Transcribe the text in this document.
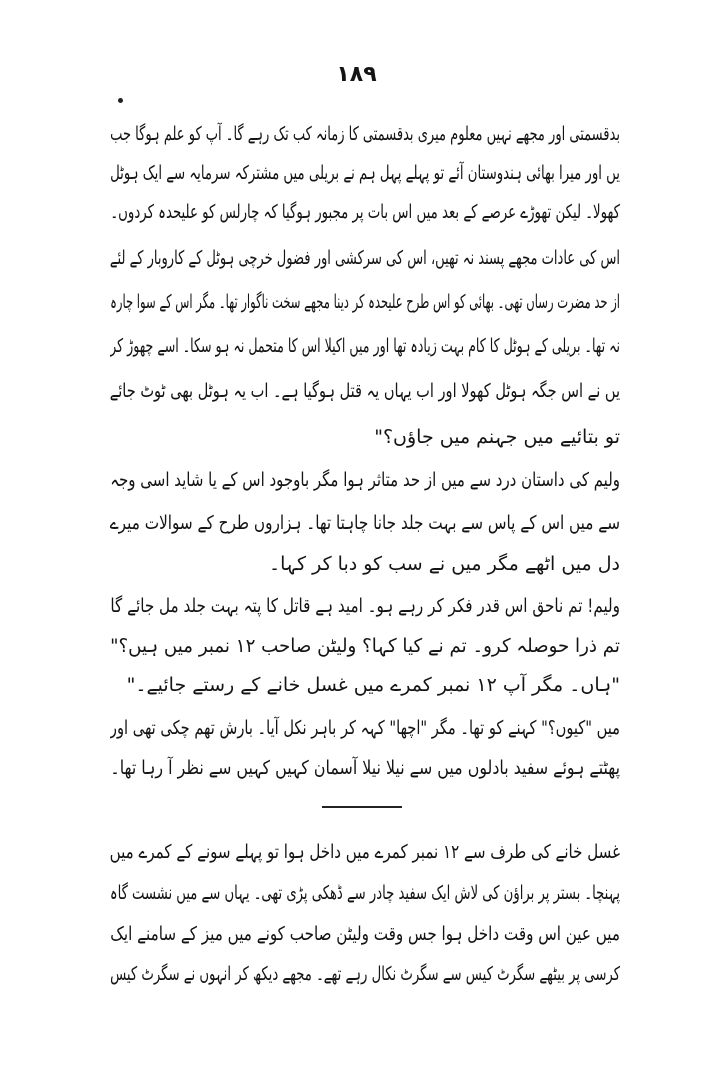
١٨٩
بدقسمتی اور مجھے نہیں معلوم میری بدقسمتی کا زمانہ کب تک رہے گا۔ آپ کو علم ہوگا جب
یں اور میرا بھائی ہندوستان آئے تو پہلے پہل ہم نے بریلی میں مشترکہ سرمایہ سے ایک ہوٹل
کھولا۔ لیکن تھوڑے عرصے کے بعد میں اس بات پر مجبور ہوگیا کہ چارلس کو علیحدہ کردوں۔
اس کی عادات مجھے پسند نہ تھیں، اس کی سرکشی اور فضول خرچی ہوٹل کے کاروبار کے لئے
از حد مضرت رساں تھی۔ بھائی کو اس طرح علیحدہ کر دینا مجھے سخت ناگوار تھا۔ مگر اس کے سوا چارہ
نہ تھا۔ بریلی کے ہوٹل کا کام بہت زیادہ تھا اور میں اکیلا اس کا متحمل نہ ہو سکا۔ اسے چھوڑ کر
یں نے اس جگہ ہوٹل کھولا اور اب یہاں یہ قتل ہوگیا ہے۔ اب یہ ہوٹل بھی ٹوٹ جائے
تو بتائیے میں جہنم میں جاؤں؟"
ولیم کی داستان درد سے میں از حد متاثر ہوا مگر باوجود اس کے یا شاید اسی وجہ
سے میں اس کے پاس سے بہت جلد جانا چاہتا تھا۔ ہزاروں طرح کے سوالات میرے
دل میں اٹھے مگر میں نے سب کو دبا کر کہا۔
ولیم! تم ناحق اس قدر فکر کر رہے ہو۔ امید ہے قاتل کا پتہ بہت جلد مل جائے گا
تم ذرا حوصلہ کرو۔ تم نے کیا کہا؟ ولیٹن صاحب ۱۲ نمبر میں ہیں؟"
"ہاں۔ مگر آپ ۱۲ نمبر کمرے میں غسل خانے کے رستے جائیے۔"
میں "کیوں؟" کہنے کو تھا۔ مگر "اچھا" کہہ کر باہر نکل آیا۔ بارش تھم چکی تھی اور
پھٹتے ہوئے سفید بادلوں میں سے نیلا نیلا آسمان کہیں کہیں سے نظر آ رہا تھا۔
غسل خانے کی طرف سے ۱۲ نمبر کمرے میں داخل ہوا تو پہلے سونے کے کمرے میں
پہنچا۔ بستر پر براؤن کی لاش ایک سفید چادر سے ڈھکی پڑی تھی۔ یہاں سے میں نشست گاہ
میں عین اس وقت داخل ہوا جس وقت ولیٹن صاحب کونے میں میز کے سامنے ایک
کرسی پر بیٹھے سگرٹ کیس سے سگرٹ نکال رہے تھے۔ مجھے دیکھ کر انہوں نے سگرٹ کیس
